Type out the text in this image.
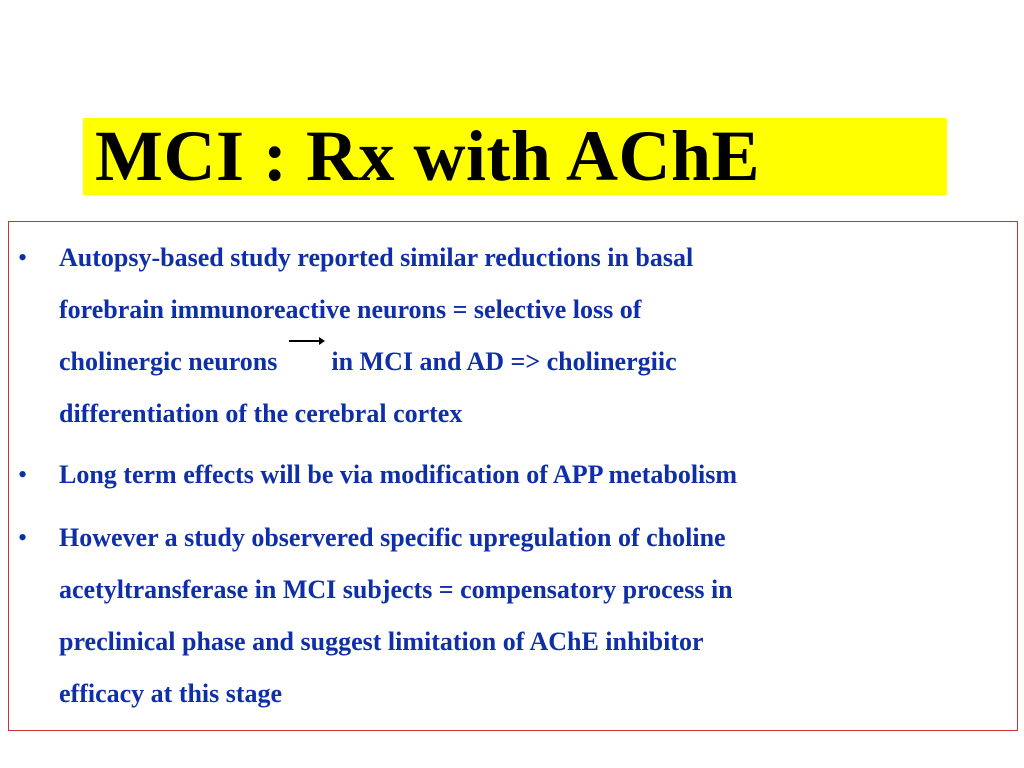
MCI : Rx with AChE
• Autopsy-based study reported similar reductions in basal
forebrain immunoreactive neurons = selective loss of
cholinergic neurons in MCI and AD => cholinergiic
differentiation of the cerebral cortex
• Long term effects will be via modification of APP metabolism
• However a study observered specific upregulation of choline
acetyltransferase in MCI subjects = compensatory process in
preclinical phase and suggest limitation of AChE inhibitor
efficacy at this stage
